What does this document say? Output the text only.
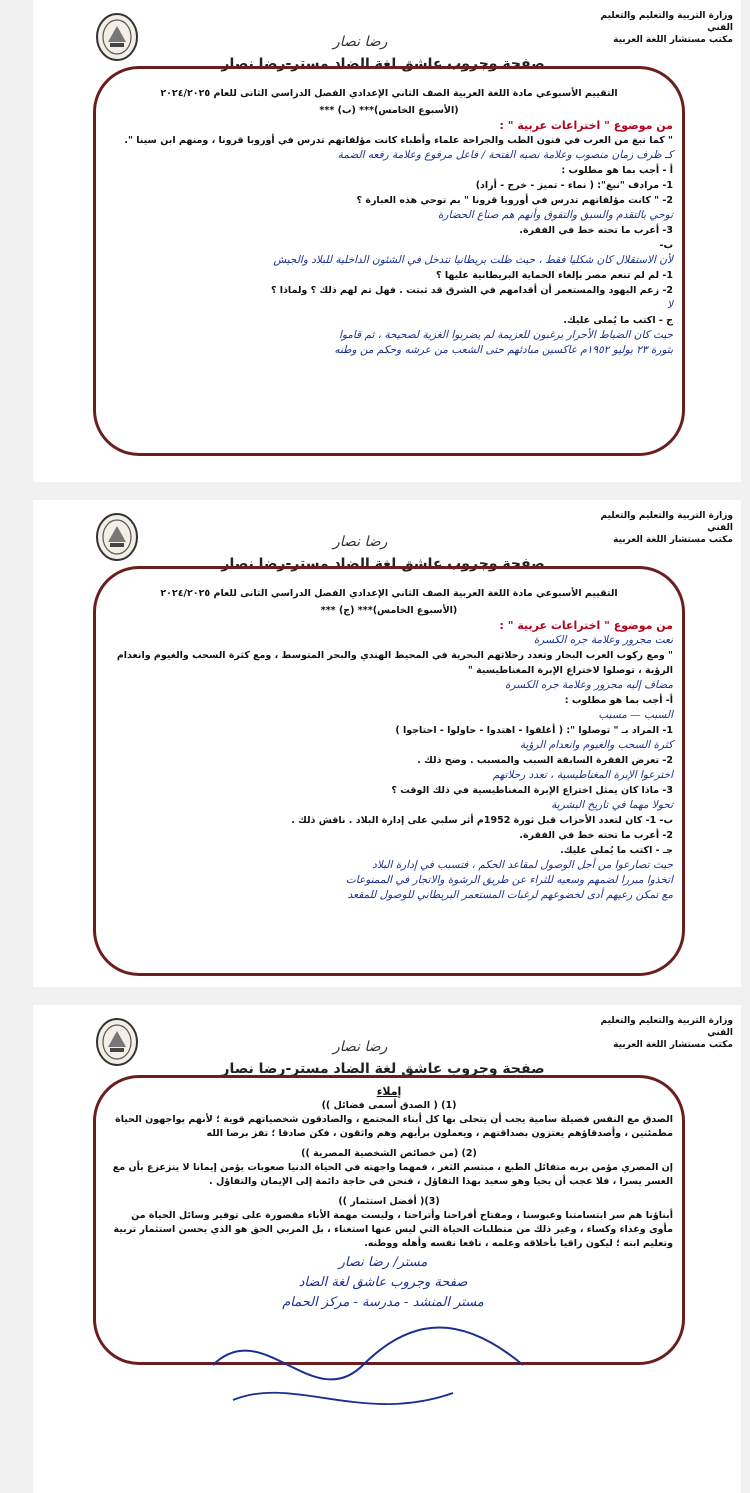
وزارة التربية والتعليم والتعليم الفني
مكتب مستشار اللغة العربية
رضا نصار
صفحة وجروب عاشق لغة الضاد مستر-رضا نصار

التقييم الأسبوعي مادة اللغة العربية الصف الثاني الإعدادي الفصل الدراسي الثانى للعام ٢٠٢٤/٢٠٢٥

(الأسبوع الخامس)*** (ب) ***

من موضوع " اختراعات عربية " :

" كما نبغ من العرب في فنون الطب والجراحة علماء وأطباء كانت مؤلفاتهم تدرس في أوروبا قرونا ، ومنهم ابن سينا ".

كـ ظرف زمان منصوب وعلامة نصبه الفتحة / فاعل مرفوع وعلامة رفعه الضمة

أ - أجب بما هو مطلوب :

1- مرادف "نبغ": ( نماء - تميز - خرج - أراد)

2- " كانت مؤلفاتهم تدرس في أوروبا قرونا " بم توحي هذه العبارة ؟

توحي بالتقدم والسبق والتفوق وأنهم هم صناع الحضارة

3- أعرب ما تحته خط في الفقرة.

ب-

لأن الاستقلال كان شكليا فقط ، حيث ظلت بريطانيا تتدخل في الشئون الداخلية للبلاد والجيش

1- لم لم تنعم مصر بإلغاء الحماية البريطانية عليها ؟

2- زعم اليهود والمستعمر أن أقدامهم في الشرق قد ثبتت . فهل تم لهم ذلك ؟ ولماذا ؟

لا

ج - اكتب ما يُملى عليك.

حيث كان الضباط الأحرار يرغبون للعزيمة لم يضربوا الغزية لصحيحة ، ثم قاموا

بثورة ٢٣ يوليو ١٩٥٢م عاكسين مبادئهم حتى الشعب من عرشه وحكم من وطنه

وزارة التربية والتعليم والتعليم الفني
مكتب مستشار اللغة العربية
رضا نصار
صفحة وجروب عاشق لغة الضاد مستر-رضا نصار

التقييم الأسبوعي مادة اللغة العربية الصف الثاني الإعدادي الفصل الدراسي الثانى للعام ٢٠٢٤/٢٠٢٥

(الأسبوع الخامس)*** (ج) ***

من موضوع " اختراعات عربية " :

نعت مجرور وعلامة جره الكسرة

" ومع ركوب العرب البحار وتعدد رحلاتهم البحرية في المحيط الهندي والبحر المتوسط ، ومع كثرة السحب والغيوم وانعدام الرؤية ، توصلوا لاختراع الإبرة المغناطيسية "

مضاف إليه مجرور وعلامة جره الكسرة

أ- أجب بما هو مطلوب :

السبب — مسبب

1- المراد بـ " توصلوا ": ( أغلقوا - اهتدوا - حاولوا - احتاجوا )

كثرة السحب والغيوم وانعدام الرؤية

2- تعرض الفقرة السابقة السبب والمسبب . وضح ذلك .

اخترعوا الإبرة المغناطيسية ، تعدد رحلاتهم

3- ماذا كان يمثل اختراع الإبرة المغناطيسية في ذلك الوقت ؟

تحولا مهما في تاريخ البشرية

ب- 1- كان لتعدد الأحزاب قبل ثورة 1952م أثر سلبي على إدارة البلاد . ناقش ذلك .

2- أعرب ما تحته خط في الفقرة.

جـ - اكتب ما يُملى عليك.

حيث تصارعوا من أجل الوصول لمقاعد الحكم ، فتسبب في إدارة البلاد

اتخذوا مبررا لضمهم وسعيه للثراء عن طريق الرشوة والاتجار في الممنوعات

مع تمكن رعيهم أدى لخضوعهم لرغبات المستعمر البريطاني للوصول للمقعد

وزارة التربية والتعليم والتعليم الفني
مكتب مستشار اللغة العربية
رضا نصار
صفحة وجروب عاشق لغة الضاد مستر-رضا نصار

إملاء

(1) ( الصدق أسمى فضائل ))

الصدق مع النفس فضيلة سامية يجب أن يتحلى بها كل أبناء المجتمع ، والصادقون شخصياتهم قوية ؛ لأنهم يواجهون الحياة مطمئنين ، وأصدقاؤهم يعتزون بصداقتهم ، ويعملون برأيهم وهم واثقون ، فكن صادقا ؛ تفز برضا الله

(2) (من خصائص الشخصية المصرية ))

إن المصري مؤمن بربه متفائل الطبع ، مبتسم الثغر ، فمهما واجهته في الحياة الدنيا صعوبات يؤمن إيمانا لا يتزعزع بأن مع العسر يسرا ، فلا عجب أن يحيا وهو سعيد بهذا التفاؤل ، فنحن في حاجة دائمة إلى الإيمان والتفاؤل .

(3)( أفضل استثمار ))

أبناؤنا هم سر ابتسامتنا وعبوسنا ، ومفتاح أفراحنا وأتراحنا ، وليست مهمة الأباء مقصورة على توفير وسائل الحياة من مأوى وغذاء وكساء ، وغير ذلك من متطلبات الحياة التي ليس عنها استغناء ، بل المربي الحق هو الذي يحسن استثمار تربية وتعليم ابنه ؛ ليكون راقيا بأخلاقه وعلمه ، نافعا نفسه وأهله ووطنه.

مستر/ رضا نصار

صفحة وجروب عاشق لغة الضاد

مستر المنشد - مدرسة - مركز الحمام
